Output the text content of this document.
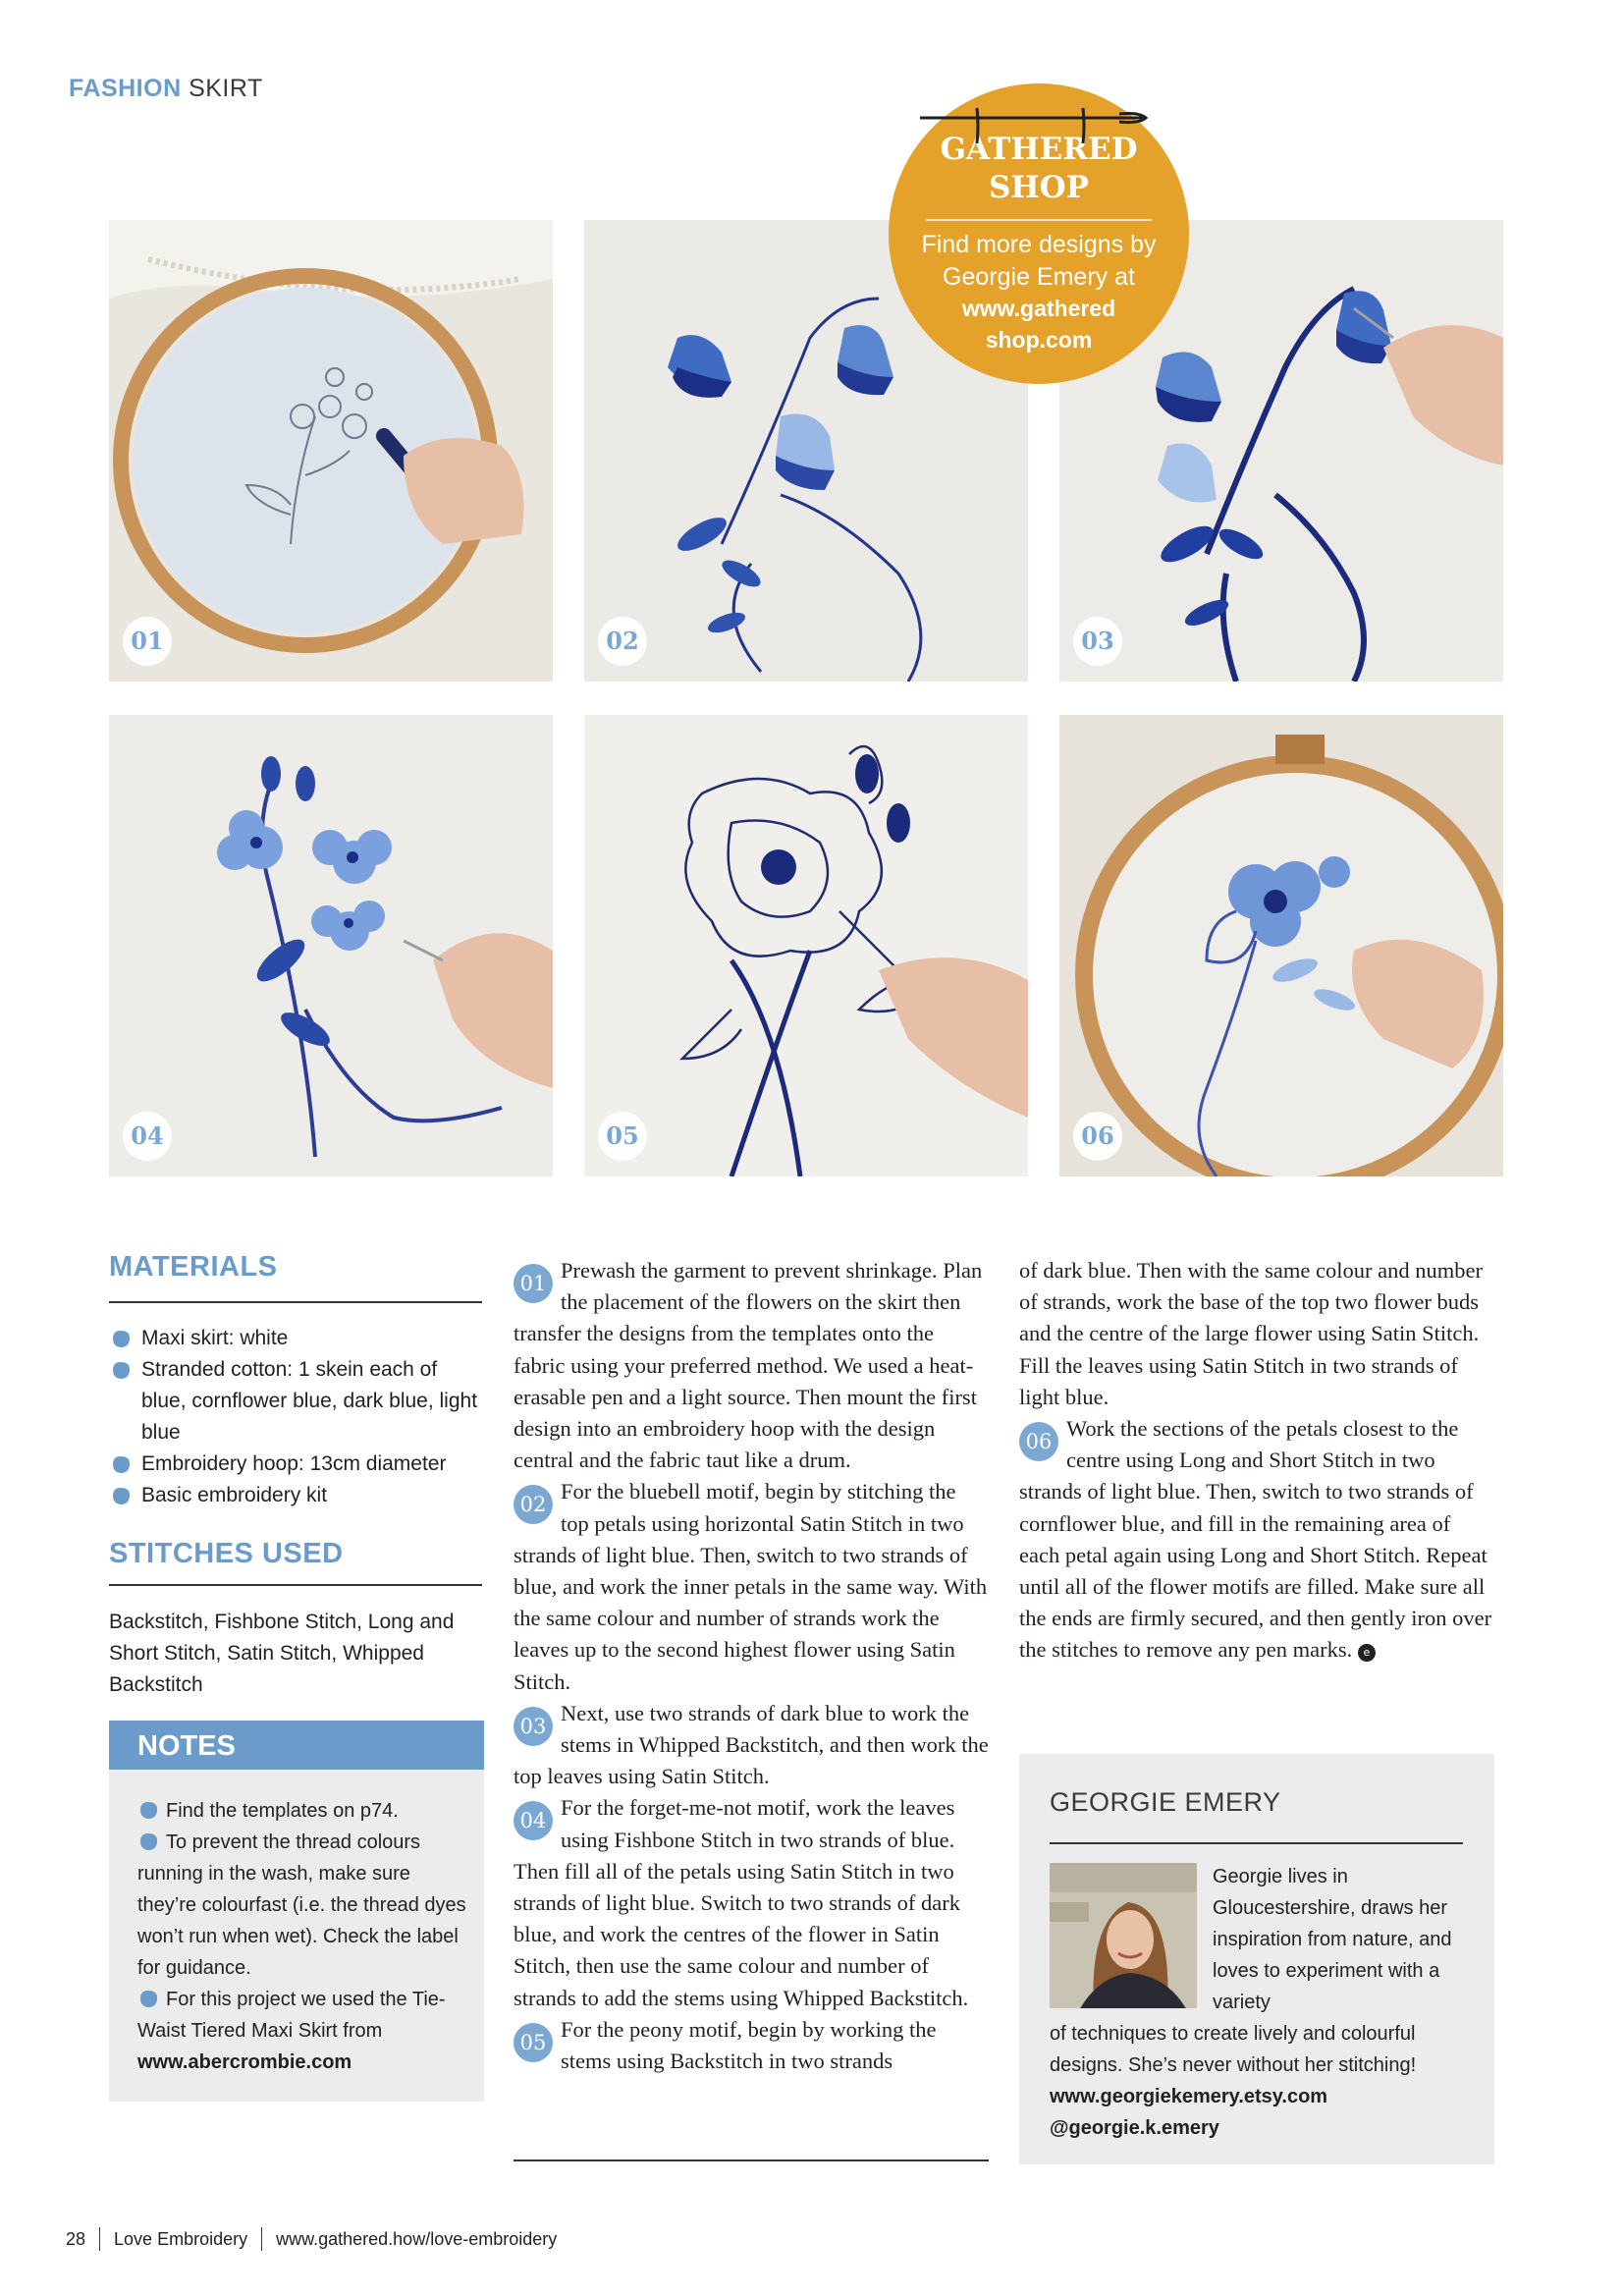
FASHION SKIRT
01	02	03
04	05	06
GATHERED
SHOP
Find more designs by
Georgie Emery at
www.gathered
shop.com
MATERIALS
Maxi skirt: white
Stranded cotton: 1 skein each of blue, cornflower blue, dark blue, light blue
Embroidery hoop: 13cm diameter
Basic embroidery kit
STITCHES USED
Backstitch, Fishbone Stitch, Long and Short Stitch, Satin Stitch, Whipped Backstitch
NOTES
Find the templates on p74.
To prevent the thread colours running in the wash, make sure they’re colourfast (i.e. the thread dyes won’t run when wet). Check the label for guidance.
For this project we used the Tie-Waist Tiered Maxi Skirt from www.abercrombie.com

01
Prewash the garment to prevent shrinkage. Plan the placement of the flowers on the skirt then transfer the designs from the templates onto the fabric using your preferred method. We used a heat-erasable pen and a light source. Then mount the first design into an embroidery hoop with the design central and the fabric taut like a drum.

02
For the bluebell motif, begin by stitching the top petals using horizontal Satin Stitch in two strands of light blue. Then, switch to two strands of blue, and work the inner petals in the same way. With the same colour and number of strands work the leaves up to the second highest flower using Satin Stitch.

03
Next, use two strands of dark blue to work the stems in Whipped Backstitch, and then work the top leaves using Satin Stitch.

04
For the forget-me-not motif, work the leaves using Fishbone Stitch in two strands of blue. Then fill all of the petals using Satin Stitch in two strands of light blue. Switch to two strands of dark blue, and work the centres of the flower in Satin Stitch, then use the same colour and number of strands to add the stems using Whipped Backstitch.

05
For the peony motif, begin by working the stems using Backstitch in two strands

of dark blue. Then with the same colour and number of strands, work the base of the top two flower buds and the centre of the large flower using Satin Stitch. Fill the leaves using Satin Stitch in two strands of light blue.

06
Work the sections of the petals closest to the centre using Long and Short Stitch in two strands of light blue. Then, switch to two strands of cornflower blue, and fill in the remaining area of each petal again using Long and Short Stitch. Repeat until all of the flower motifs are filled. Make sure all the ends are firmly secured, and then gently iron over the stitches to remove any pen marks. e

GEORGIE EMERY
Georgie lives in Gloucestershire, draws her inspiration from nature, and loves to experiment with a variety
of techniques to create lively and colourful designs. She’s never without her stitching!
www.georgiekemery.etsy.com
@georgie.k.emery
28 Love Embroidery www.gathered.how/love-embroidery
